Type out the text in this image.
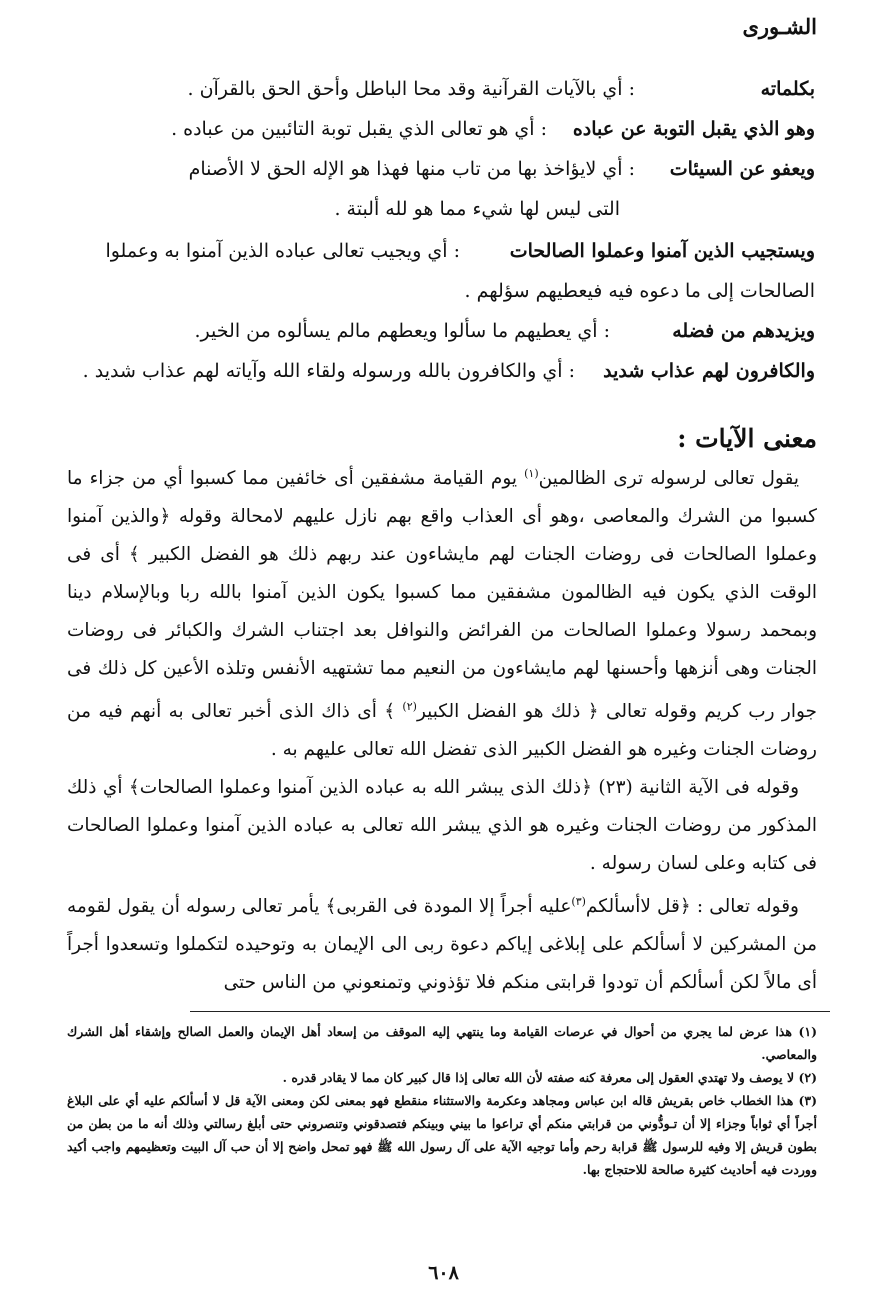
الشـورى
بكلماته
: أي بالآيات القرآنية وقد محا الباطل وأحق الحق بالقرآن .
وهو الذي يقبل التوبة عن عباده
: أي هو تعالى الذي يقبل توبة التائبين من عباده .
ويعفو عن السيئات
: أي لايؤاخذ بها من تاب منها فهذا هو الإله الحق لا الأصنام
التى ليس لها شيء مما هو لله ألبتة .
ويستجيب الذين آمنوا وعملوا الصالحات
: أي ويجيب تعالى عباده الذين آمنوا به وعملوا
الصالحات إلى ما دعوه فيه فيعطيهم سؤلهم .
ويزيدهم من فضله
: أي يعطيهم ما سألوا ويعطهم مالم يسألوه من الخير.
والكافرون لهم عذاب شديد
: أي والكافرون بالله ورسوله ولقاء الله وآياته لهم عذاب شديد .
معنى الآيات :

يقول تعالى لرسوله ترى الظالمين$^{(١)}$ يوم القيامة مشفقين أى خائفين مما كسبوا أي من جزاء ما كسبوا من الشرك والمعاصى ،وهو أى العذاب واقع بهم نازل عليهم لامحالة وقوله ﴿والذين آمنوا وعملوا الصالحات فى روضات الجنات لهم مايشاءون عند ربهم ذلك هو الفضل الكبير ﴾ أى فى الوقت الذي يكون فيه الظالمون مشفقين مما كسبوا يكون الذين آمنوا بالله ربا وبالإسلام دينا وبمحمد رسولا وعملوا الصالحات من الفرائض والنوافل بعد اجتناب الشرك والكبائر فى روضات الجنات وهى أنزهها وأحسنها لهم مايشاءون من النعيم مما تشتهيه الأنفس وتلذه الأعين كل ذلك فى جوار رب كريم وقوله تعالى ﴿ ذلك هو الفضل الكبير$^{(٢)}$ ﴾ أى ذاك الذى أخبر تعالى به أنهم فيه من روضات الجنات وغيره هو الفضل الكبير الذى تفضل الله تعالى عليهم به .

وقوله فى الآية الثانية (٢٣) ﴿ذلك الذى يبشر الله به عباده الذين آمنوا وعملوا الصالحات﴾ أي ذلك المذكور من روضات الجنات وغيره هو الذي يبشر الله تعالى به عباده الذين آمنوا وعملوا الصالحات فى كتابه وعلى لسان رسوله .

وقوله تعالى : ﴿قل لاأسألكم$^{(٣)}$عليه أجراً إلا المودة فى القربى﴾ يأمر تعالى رسوله أن يقول لقومه من المشركين لا أسألكم على إبلاغى إياكم دعوة ربى الى الإيمان به وتوحيده لتكملوا وتسعدوا أجراً أى مالاً لكن أسألكم أن تودوا قرابتى منكم فلا تؤذوني وتمنعوني من الناس حتى

(١) هذا عرض لما يجري من أحوال في عرصات القيامة وما ينتهي إليه الموقف من إسعاد أهل الإيمان والعمل الصالح وإشقاء أهل الشرك والمعاصي.

(٢) لا يوصف ولا تهتدي العقول إلى معرفة كنه صفته لأن الله تعالى إذا قال كبير كان مما لا يقادر قدره .

(٣) هذا الخطاب خاص بقريش قاله ابن عباس ومجاهد وعكرمة والاستثناء منقطع فهو بمعنى لكن ومعنى الآية قل لا أسألكم عليه أي على البلاغ أجراً أي ثواباً وجزاء إلا أن تـودُّوني من قرابتي منكم أي تراعوا ما بيني وبينكم فتصدقوني وتنصروني حتى أبلغ رسالتي وذلك أنه ما من بطن من بطون قريش إلا وفيه للرسول ﷺ قرابة رحم وأما توجيه الآية على آل رسول الله ﷺ فهو تمحل واضح إلا أن حب آل البيت وتعظيمهم واجب أكيد ووردت فيه أحاديث كثيرة صالحة للاحتجاج بها.

٦٠٨
